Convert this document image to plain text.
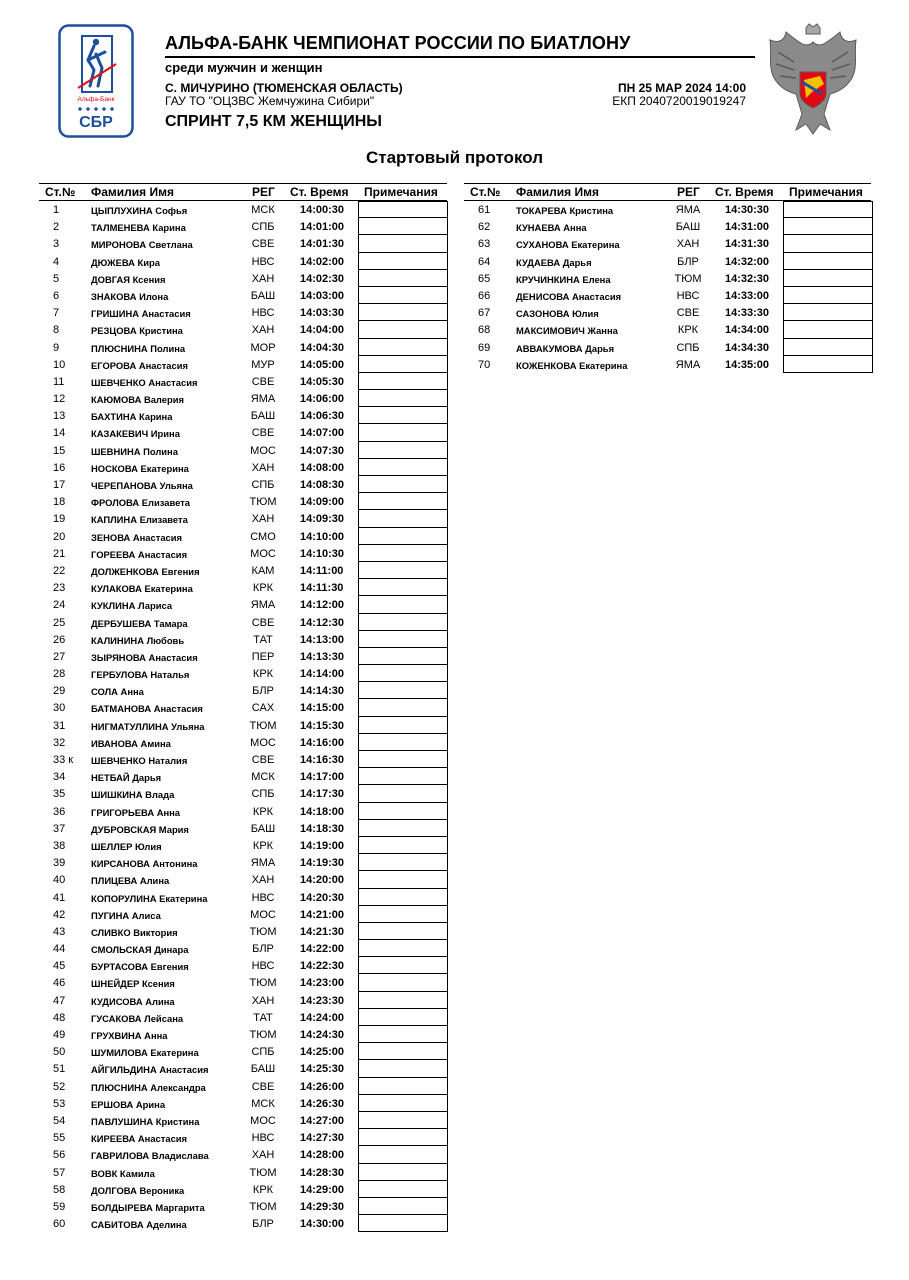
Альфа-Банк
СБР
АЛЬФА-БАНК ЧЕМПИОНАТ РОССИИ ПО БИАТЛОНУ
среди мужчин и женщин
С. МИЧУРИНО (ТЮМЕНСКАЯ ОБЛАСТЬ)
ГАУ ТО "ОЦЗВС Жемчужина Сибири"
ПН 25 МАР 2024 14:00
ЕКП 2040720019019247
СПРИНТ 7,5 КМ ЖЕНЩИНЫ
Стартовый протокол
Ст.№ Фамилия Имя	РЕГ Ст. Время Примечания
1	ЦЫПЛУХИНА Софья	МСК	14:00:30
2	ТАЛМЕНЕВА Карина	СПБ	14:01:00
3	МИРОНОВА Светлана	СВЕ	14:01:30
4	ДЮЖЕВА Кира	НВС	14:02:00
5	ДОВГАЯ Ксения	ХАН	14:02:30
6	ЗНАКОВА Илона	БАШ	14:03:00
7	ГРИШИНА Анастасия	НВС	14:03:30
8	РЕЗЦОВА Кристина	ХАН	14:04:00
9	ПЛЮСНИНА Полина	МОР	14:04:30
10	ЕГОРОВА Анастасия	МУР	14:05:00
11	ШЕВЧЕНКО Анастасия	СВЕ	14:05:30
12	КАЮМОВА Валерия	ЯМА	14:06:00
13	БАХТИНА Карина	БАШ	14:06:30
14	КАЗАКЕВИЧ Ирина	СВЕ	14:07:00
15	ШЕВНИНА Полина	МОС	14:07:30
16	НОСКОВА Екатерина	ХАН	14:08:00
17	ЧЕРЕПАНОВА Ульяна	СПБ	14:08:30
18	ФРОЛОВА Елизавета	ТЮМ	14:09:00
19	КАПЛИНА Елизавета	ХАН	14:09:30
20	ЗЕНОВА Анастасия	СМО	14:10:00
21	ГОРЕЕВА Анастасия	МОС	14:10:30
22	ДОЛЖЕНКОВА Евгения	КАМ	14:11:00
23	КУЛАКОВА Екатерина	КРК	14:11:30
24	КУКЛИНА Лариса	ЯМА	14:12:00
25	ДЕРБУШЕВА Тамара	СВЕ	14:12:30
26	КАЛИНИНА Любовь	ТАТ	14:13:00
27	ЗЫРЯНОВА Анастасия	ПЕР	14:13:30
28	ГЕРБУЛОВА Наталья	КРК	14:14:00
29	СОЛА Анна	БЛР	14:14:30
30	БАТМАНОВА Анастасия	САХ	14:15:00
31	НИГМАТУЛЛИНА Ульяна	ТЮМ	14:15:30
32	ИВАНОВА Амина	МОС	14:16:00
33 к ШЕВЧЕНКО Наталия	СВЕ	14:16:30
34	НЕТБАЙ Дарья	МСК	14:17:00
35	ШИШКИНА Влада	СПБ	14:17:30
36	ГРИГОРЬЕВА Анна	КРК	14:18:00
37	ДУБРОВСКАЯ Мария	БАШ	14:18:30
38	ШЕЛЛЕР Юлия	КРК	14:19:00
39	КИРСАНОВА Антонина	ЯМА	14:19:30
40	ПЛИЦЕВА Алина	ХАН	14:20:00
41	КОПОРУЛИНА Екатерина	НВС	14:20:30
42	ПУГИНА Алиса	МОС	14:21:00
43	СЛИВКО Виктория	ТЮМ	14:21:30
44	СМОЛЬСКАЯ Динара	БЛР	14:22:00
45	БУРТАСОВА Евгения	НВС	14:22:30
46	ШНЕЙДЕР Ксения	ТЮМ	14:23:00
47	КУДИСОВА Алина	ХАН	14:23:30
48	ГУСАКОВА Лейсана	ТАТ	14:24:00
49	ГРУХВИНА Анна	ТЮМ	14:24:30
50	ШУМИЛОВА Екатерина	СПБ	14:25:00
51	АЙГИЛЬДИНА Анастасия	БАШ	14:25:30
52	ПЛЮСНИНА Александра	СВЕ	14:26:00
53	ЕРШОВА Арина	МСК	14:26:30
54	ПАВЛУШИНА Кристина	МОС	14:27:00
55	КИРЕЕВА Анастасия	НВС	14:27:30
56	ГАВРИЛОВА Владислава	ХАН	14:28:00
57	ВОВК Камила	ТЮМ	14:28:30
58	ДОЛГОВА Вероника	КРК	14:29:00
59	БОЛДЫРЕВА Маргарита	ТЮМ	14:29:30
60	САБИТОВА Аделина	БЛР	14:30:00
Ст.№ Фамилия Имя	РЕГ Ст. Время Примечания
61	ТОКАРЕВА Кристина	ЯМА	14:30:30
62	КУНАЕВА Анна	БАШ	14:31:00
63	СУХАНОВА Екатерина	ХАН	14:31:30
64	КУДАЕВА Дарья	БЛР	14:32:00
65	КРУЧИНКИНА Елена	ТЮМ	14:32:30
66	ДЕНИСОВА Анастасия	НВС	14:33:00
67	САЗОНОВА Юлия	СВЕ	14:33:30
68	МАКСИМОВИЧ Жанна	КРК	14:34:00
69	АВВАКУМОВА Дарья	СПБ	14:34:30
70	КОЖЕНКОВА Екатерина	ЯМА	14:35:00
